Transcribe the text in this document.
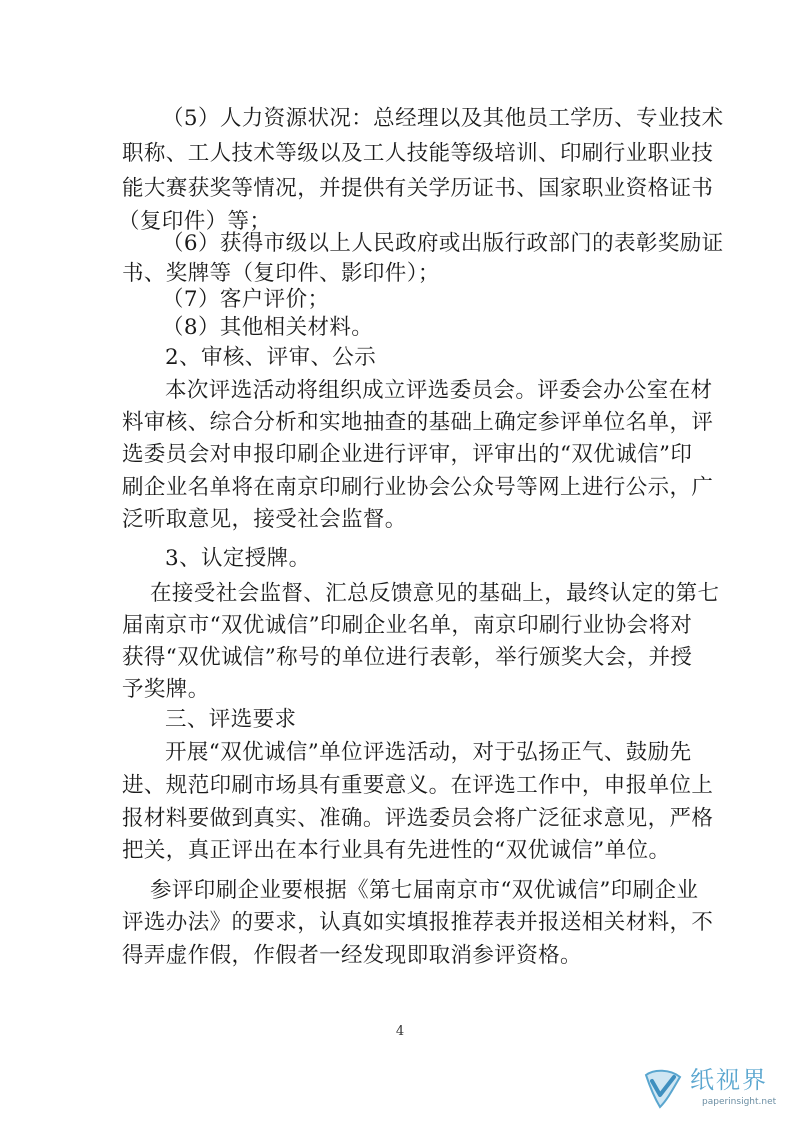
（5）人力资源状况：总经理以及其他员工学历、专业技术
职称、工人技术等级以及工人技能等级培训、印刷行业职业技
能大赛获奖等情况，并提供有关学历证书、国家职业资格证书
（复印件）等；
（6）获得市级以上人民政府或出版行政部门的表彰奖励证
书、奖牌等（复印件、影印件）；
（7）客户评价；
（8）其他相关材料。
2、审核、评审、公示
本次评选活动将组织成立评选委员会。评委会办公室在材
料审核、综合分析和实地抽查的基础上确定参评单位名单，评
选委员会对申报印刷企业进行评审，评审出的“双优诚信”印
刷企业名单将在南京印刷行业协会公众号等网上进行公示，广
泛听取意见，接受社会监督。
3、认定授牌。
在接受社会监督、汇总反馈意见的基础上，最终认定的第七
届南京市“双优诚信”印刷企业名单，南京印刷行业协会将对
获得“双优诚信”称号的单位进行表彰，举行颁奖大会，并授
予奖牌。
三、评选要求
开展“双优诚信”单位评选活动，对于弘扬正气、鼓励先
进、规范印刷市场具有重要意义。在评选工作中，申报单位上
报材料要做到真实、准确。评选委员会将广泛征求意见，严格
把关，真正评出在本行业具有先进性的“双优诚信”单位。
参评印刷企业要根据《第七届南京市“双优诚信”印刷企业
评选办法》的要求，认真如实填报推荐表并报送相关材料，不
得弄虚作假，作假者一经发现即取消参评资格。
4
纸视界
paperinsight.net
